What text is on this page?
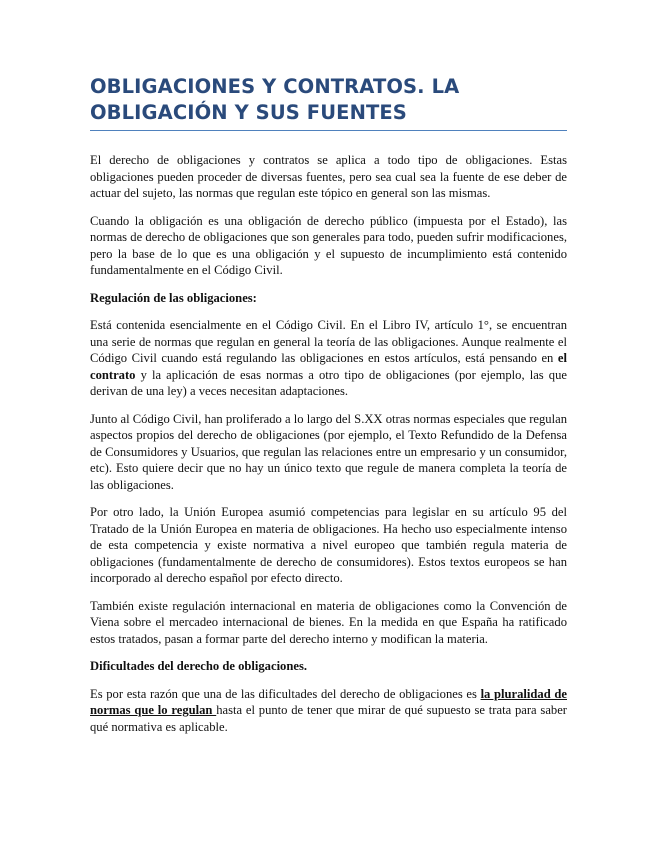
OBLIGACIONES Y CONTRATOS. LA OBLIGACIÓN Y SUS FUENTES

El derecho de obligaciones y contratos se aplica a todo tipo de obligaciones. Estas obligaciones pueden proceder de diversas fuentes, pero sea cual sea la fuente de ese deber de actuar del sujeto, las normas que regulan este tópico en general son las mismas.

Cuando la obligación es una obligación de derecho público (impuesta por el Estado), las normas de derecho de obligaciones que son generales para todo, pueden sufrir modificaciones, pero la base de lo que es una obligación y el supuesto de incumplimiento está contenido fundamentalmente en el Código Civil.

Regulación de las obligaciones:

Está contenida esencialmente en el Código Civil. En el Libro IV, artículo 1°, se encuentran una serie de normas que regulan en general la teoría de las obligaciones. Aunque realmente el Código Civil cuando está regulando las obligaciones en estos artículos, está pensando en el contrato y la aplicación de esas normas a otro tipo de obligaciones (por ejemplo, las que derivan de una ley) a veces necesitan adaptaciones.

Junto al Código Civil, han proliferado a lo largo del S.XX otras normas especiales que regulan aspectos propios del derecho de obligaciones (por ejemplo, el Texto Refundido de la Defensa de Consumidores y Usuarios, que regulan las relaciones entre un empresario y un consumidor, etc). Esto quiere decir que no hay un único texto que regule de manera completa la teoría de las obligaciones.

Por otro lado, la Unión Europea asumió competencias para legislar en su artículo 95 del Tratado de la Unión Europea en materia de obligaciones. Ha hecho uso especialmente intenso de esta competencia y existe normativa a nivel europeo que también regula materia de obligaciones (fundamentalmente de derecho de consumidores). Estos textos europeos se han incorporado al derecho español por efecto directo.

También existe regulación internacional en materia de obligaciones como la Convención de Viena sobre el mercadeo internacional de bienes. En la medida en que España ha ratificado estos tratados, pasan a formar parte del derecho interno y modifican la materia.

Dificultades del derecho de obligaciones.

Es por esta razón que una de las dificultades del derecho de obligaciones es la pluralidad de normas que lo regulan hasta el punto de tener que mirar de qué supuesto se trata para saber qué normativa es aplicable.
